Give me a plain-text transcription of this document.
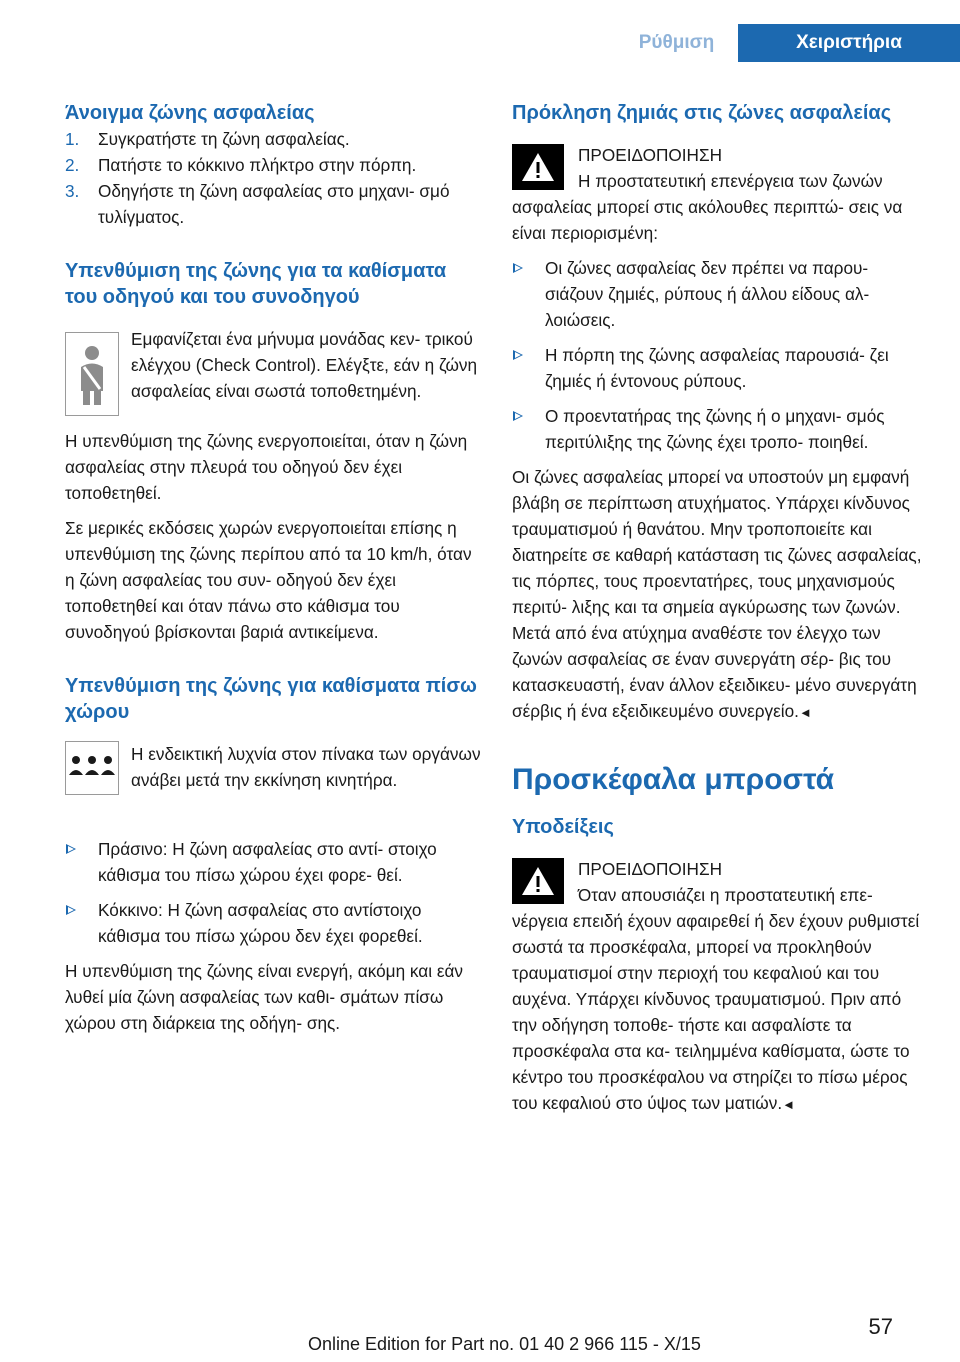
Ρύθμιση	Χειριστήρια
Άνοιγμα ζώνης ασφαλείας
1. Συγκρατήστε τη ζώνη ασφαλείας.
2. Πατήστε το κόκκινο πλήκτρο στην πόρπη.
3. Οδηγήστε τη ζώνη ασφαλείας στο μηχανι‐ σμό τυλίγματος.
Υπενθύμιση της ζώνης για τα καθίσματα του οδηγού και του συνοδηγού

Εμφανίζεται ένα μήνυμα μονάδας κεν‐ τρικού ελέγχου (Check Control). Ελέγξτε, εάν η ζώνη ασφαλείας είναι σωστά τοποθετημένη.

Η υπενθύμιση της ζώνης ενεργοποιείται, όταν η ζώνη ασφαλείας στην πλευρά του οδηγού δεν έχει τοποθετηθεί.

Σε μερικές εκδόσεις χωρών ενεργοποιείται επίσης η υπενθύμιση της ζώνης περίπου από τα 10 km/h, όταν η ζώνη ασφαλείας του συν‐ οδηγού δεν έχει τοποθετηθεί και όταν πάνω στο κάθισμα του συνοδηγού βρίσκονται βαριά αντικείμενα.

Υπενθύμιση της ζώνης για καθίσματα πίσω χώρου

Η ενδεικτική λυχνία στον πίνακα των οργάνων ανάβει μετά την εκκίνηση κινητήρα.

Πράσινο: Η ζώνη ασφαλείας στο αντί‐ στοιχο κάθισμα του πίσω χώρου έχει φορε‐ θεί.
Κόκκινο: Η ζώνη ασφαλείας στο αντίστοιχο κάθισμα του πίσω χώρου δεν έχει φορεθεί.

Η υπενθύμιση της ζώνης είναι ενεργή, ακόμη και εάν λυθεί μία ζώνη ασφαλείας των καθι‐ σμάτων πίσω χώρου στη διάρκεια της οδήγη‐ σης.

Πρόκληση ζημιάς στις ζώνες ασφαλείας

ΠΡΟΕΙΔΟΠΟΙΗΣΗ

Η προστατευτική επενέργεια των ζωνών ασφαλείας μπορεί στις ακόλουθες περιπτώ‐ σεις να είναι περιορισμένη:

Οι ζώνες ασφαλείας δεν πρέπει να παρου‐ σιάζουν ζημιές, ρύπους ή άλλου είδους αλ‐ λοιώσεις.
Η πόρπη της ζώνης ασφαλείας παρουσιά‐ ζει ζημιές ή έντονους ρύπους.
Ο προεντατήρας της ζώνης ή ο μηχανι‐ σμός περιτύλιξης της ζώνης έχει τροπο‐ ποιηθεί.

Οι ζώνες ασφαλείας μπορεί να υποστούν μη εμφανή βλάβη σε περίπτωση ατυχήματος. Υπάρχει κίνδυνος τραυματισμού ή θανάτου. Μην τροποποιείτε και διατηρείτε σε καθαρή κατάσταση τις ζώνες ασφαλείας, τις πόρπες, τους προεντατήρες, τους μηχανισμούς περιτύ‐ λιξης και τα σημεία αγκύρωσης των ζωνών. Μετά από ένα ατύχημα αναθέστε τον έλεγχο των ζωνών ασφαλείας σε έναν συνεργάτη σέρ‐ βις του κατασκευαστή, έναν άλλον εξειδικευ‐ μένο συνεργάτη σέρβις ή ένα εξειδικευμένο συνεργείο.◄

Προσκέφαλα μπροστά
Υποδείξεις

ΠΡΟΕΙΔΟΠΟΙΗΣΗ

Όταν απουσιάζει η προστατευτική επε‐ νέργεια επειδή έχουν αφαιρεθεί ή δεν έχουν ρυθμιστεί σωστά τα προσκέφαλα, μπορεί να προκληθούν τραυματισμοί στην περιοχή του κεφαλιού και του αυχένα. Υπάρχει κίνδυνος τραυματισμού. Πριν από την οδήγηση τοποθε‐ τήστε και ασφαλίστε τα προσκέφαλα στα κα‐ τειλημμένα καθίσματα, ώστε το κέντρο του προσκέφαλου να στηρίζει το πίσω μέρος του κεφαλιού στο ύψος των ματιών.◄

57
Online Edition for Part no. 01 40 2 966 115 - X/15
